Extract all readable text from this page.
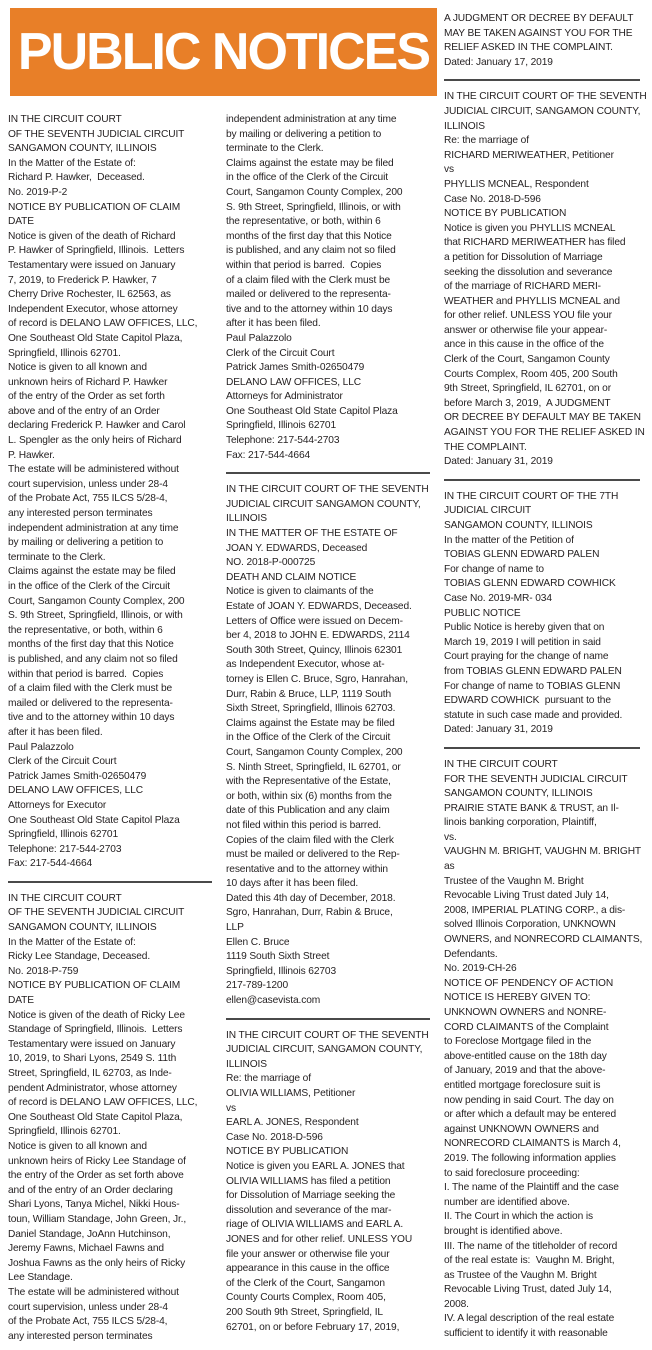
PUBLIC NOTICES
IN THE CIRCUIT COURT
OF THE SEVENTH JUDICIAL CIRCUIT
SANGAMON COUNTY, ILLINOIS
In the Matter of the Estate of:
Richard P. Hawker,  Deceased.
No. 2019-P-2
NOTICE BY PUBLICATION OF CLAIM
DATE
Notice is given of the death of Richard
P. Hawker of Springfield, Illinois.  Letters
Testamentary were issued on January
7, 2019, to Frederick P. Hawker, 7
Cherry Drive Rochester, IL 62563, as
Independent Executor, whose attorney
of record is DELANO LAW OFFICES, LLC,
One Southeast Old State Capitol Plaza,
Springfield, Illinois 62701.
Notice is given to all known and
unknown heirs of Richard P. Hawker
of the entry of the Order as set forth
above and of the entry of an Order
declaring Frederick P. Hawker and Carol
L. Spengler as the only heirs of Richard
P. Hawker.
The estate will be administered without
court supervision, unless under 28-4
of the Probate Act, 755 ILCS 5/28-4,
any interested person terminates
independent administration at any time
by mailing or delivering a petition to
terminate to the Clerk.
Claims against the estate may be filed
in the office of the Clerk of the Circuit
Court, Sangamon County Complex, 200
S. 9th Street, Springfield, Illinois, or with
the representative, or both, within 6
months of the first day that this Notice
is published, and any claim not so filed
within that period is barred.  Copies
of a claim filed with the Clerk must be
mailed or delivered to the representa-
tive and to the attorney within 10 days
after it has been filed.
Paul Palazzolo
Clerk of the Circuit Court
Patrick James Smith-02650479
DELANO LAW OFFICES, LLC
Attorneys for Executor
One Southeast Old State Capitol Plaza
Springfield, Illinois 62701
Telephone: 217-544-2703
Fax: 217-544-4664
IN THE CIRCUIT COURT
OF THE SEVENTH JUDICIAL CIRCUIT
SANGAMON COUNTY, ILLINOIS
In the Matter of the Estate of:
Ricky Lee Standage, Deceased.
No. 2018-P-759
NOTICE BY PUBLICATION OF CLAIM
DATE
Notice is given of the death of Ricky Lee
Standage of Springfield, Illinois.  Letters
Testamentary were issued on January
10, 2019, to Shari Lyons, 2549 S. 11th
Street, Springfield, IL 62703, as Inde-
pendent Administrator, whose attorney
of record is DELANO LAW OFFICES, LLC,
One Southeast Old State Capitol Plaza,
Springfield, Illinois 62701.
Notice is given to all known and
unknown heirs of Ricky Lee Standage of
the entry of the Order as set forth above
and of the entry of an Order declaring
Shari Lyons, Tanya Michel, Nikki Hous-
toun, William Standage, John Green, Jr.,
Daniel Standage, JoAnn Hutchinson,
Jeremy Fawns, Michael Fawns and
Joshua Fawns as the only heirs of Ricky
Lee Standage.
The estate will be administered without
court supervision, unless under 28-4
of the Probate Act, 755 ILCS 5/28-4,
any interested person terminates
independent administration at any time
by mailing or delivering a petition to
terminate to the Clerk.
Claims against the estate may be filed
in the office of the Clerk of the Circuit
Court, Sangamon County Complex, 200
S. 9th Street, Springfield, Illinois, or with
the representative, or both, within 6
months of the first day that this Notice
is published, and any claim not so filed
within that period is barred.  Copies
of a claim filed with the Clerk must be
mailed or delivered to the representa-
tive and to the attorney within 10 days
after it has been filed.
Paul Palazzolo
Clerk of the Circuit Court
Patrick James Smith-02650479
DELANO LAW OFFICES, LLC
Attorneys for Administrator
One Southeast Old State Capitol Plaza
Springfield, Illinois 62701
Telephone: 217-544-2703
Fax: 217-544-4664
IN THE CIRCUIT COURT OF THE SEVENTH
JUDICIAL CIRCUIT SANGAMON COUNTY,
ILLINOIS
IN THE MATTER OF THE ESTATE OF
JOAN Y. EDWARDS, Deceased
NO. 2018-P-000725
DEATH AND CLAIM NOTICE
Notice is given to claimants of the
Estate of JOAN Y. EDWARDS, Deceased.
Letters of Office were issued on Decem-
ber 4, 2018 to JOHN E. EDWARDS, 2114
South 30th Street, Quincy, Illinois 62301
as Independent Executor, whose at-
torney is Ellen C. Bruce, Sgro, Hanrahan,
Durr, Rabin & Bruce, LLP, 1119 South
Sixth Street, Springfield, Illinois 62703.
Claims against the Estate may be filed
in the Office of the Clerk of the Circuit
Court, Sangamon County Complex, 200
S. Ninth Street, Springfield, IL 62701, or
with the Representative of the Estate,
or both, within six (6) months from the
date of this Publication and any claim
not filed within this period is barred.
Copies of the claim filed with the Clerk
must be mailed or delivered to the Rep-
resentative and to the attorney within
10 days after it has been filed.
Dated this 4th day of December, 2018.
Sgro, Hanrahan, Durr, Rabin & Bruce,
LLP
Ellen C. Bruce
1119 South Sixth Street
Springfield, Illinois 62703
217-789-1200
ellen@casevista.com
IN THE CIRCUIT COURT OF THE SEVENTH
JUDICIAL CIRCUIT, SANGAMON COUNTY,
ILLINOIS
Re: the marriage of
OLIVIA WILLIAMS, Petitioner
vs
EARL A. JONES, Respondent
Case No. 2018-D-596
NOTICE BY PUBLICATION
Notice is given you EARL A. JONES that
OLIVIA WILLIAMS has filed a petition
for Dissolution of Marriage seeking the
dissolution and severance of the mar-
riage of OLIVIA WILLIAMS and EARL A.
JONES and for other relief. UNLESS YOU
file your answer or otherwise file your
appearance in this cause in the office
of the Clerk of the Court, Sangamon
County Courts Complex, Room 405,
200 South 9th Street, Springfield, IL
62701, on or before February 17, 2019,
A JUDGMENT OR DECREE BY DEFAULT
MAY BE TAKEN AGAINST YOU FOR THE
RELIEF ASKED IN THE COMPLAINT.
Dated: January 17, 2019
IN THE CIRCUIT COURT OF THE SEVENTH
JUDICIAL CIRCUIT, SANGAMON COUNTY,
ILLINOIS
Re: the marriage of
RICHARD MERIWEATHER, Petitioner
vs
PHYLLIS MCNEAL, Respondent
Case No. 2018-D-596
NOTICE BY PUBLICATION
Notice is given you PHYLLIS MCNEAL
that RICHARD MERIWEATHER has filed
a petition for Dissolution of Marriage
seeking the dissolution and severance
of the marriage of RICHARD MERI-
WEATHER and PHYLLIS MCNEAL and
for other relief. UNLESS YOU file your
answer or otherwise file your appear-
ance in this cause in the office of the
Clerk of the Court, Sangamon County
Courts Complex, Room 405, 200 South
9th Street, Springfield, IL 62701, on or
before March 3, 2019,  A JUDGMENT
OR DECREE BY DEFAULT MAY BE TAKEN
AGAINST YOU FOR THE RELIEF ASKED IN
THE COMPLAINT.
Dated: January 31, 2019
IN THE CIRCUIT COURT OF THE 7TH
JUDICIAL CIRCUIT
SANGAMON COUNTY, ILLINOIS
In the matter of the Petition of
TOBIAS GLENN EDWARD PALEN
For change of name to
TOBIAS GLENN EDWARD COWHICK
Case No. 2019-MR- 034
PUBLIC NOTICE
Public Notice is hereby given that on
March 19, 2019 I will petition in said
Court praying for the change of name
from TOBIAS GLENN EDWARD PALEN
For change of name to TOBIAS GLENN
EDWARD COWHICK  pursuant to the
statute in such case made and provided.
Dated: January 31, 2019
IN THE CIRCUIT COURT
FOR THE SEVENTH JUDICIAL CIRCUIT
SANGAMON COUNTY, ILLINOIS
PRAIRIE STATE BANK & TRUST, an Il-
linois banking corporation, Plaintiff,
vs.
VAUGHN M. BRIGHT, VAUGHN M. BRIGHT
as
Trustee of the Vaughn M. Bright
Revocable Living Trust dated July 14,
2008, IMPERIAL PLATING CORP., a dis-
solved Illinois Corporation, UNKNOWN
OWNERS, and NONRECORD CLAIMANTS,
Defendants.
No. 2019-CH-26
NOTICE OF PENDENCY OF ACTION
NOTICE IS HEREBY GIVEN TO:
UNKNOWN OWNERS and NONRE-
CORD CLAIMANTS of the Complaint
to Foreclose Mortgage filed in the
above-entitled cause on the 18th day
of January, 2019 and that the above-
entitled mortgage foreclosure suit is
now pending in said Court. The day on
or after which a default may be entered
against UNKNOWN OWNERS and
NONRECORD CLAIMANTS is March 4,
2019. The following information applies
to said foreclosure proceeding:
I. The name of the Plaintiff and the case
number are identified above.
II. The Court in which the action is
brought is identified above.
III. The name of the titleholder of record
of the real estate is:  Vaughn M. Bright,
as Trustee of the Vaughn M. Bright
Revocable Living Trust, dated July 14,
2008.
IV. A legal description of the real estate
sufficient to identify it with reasonable
